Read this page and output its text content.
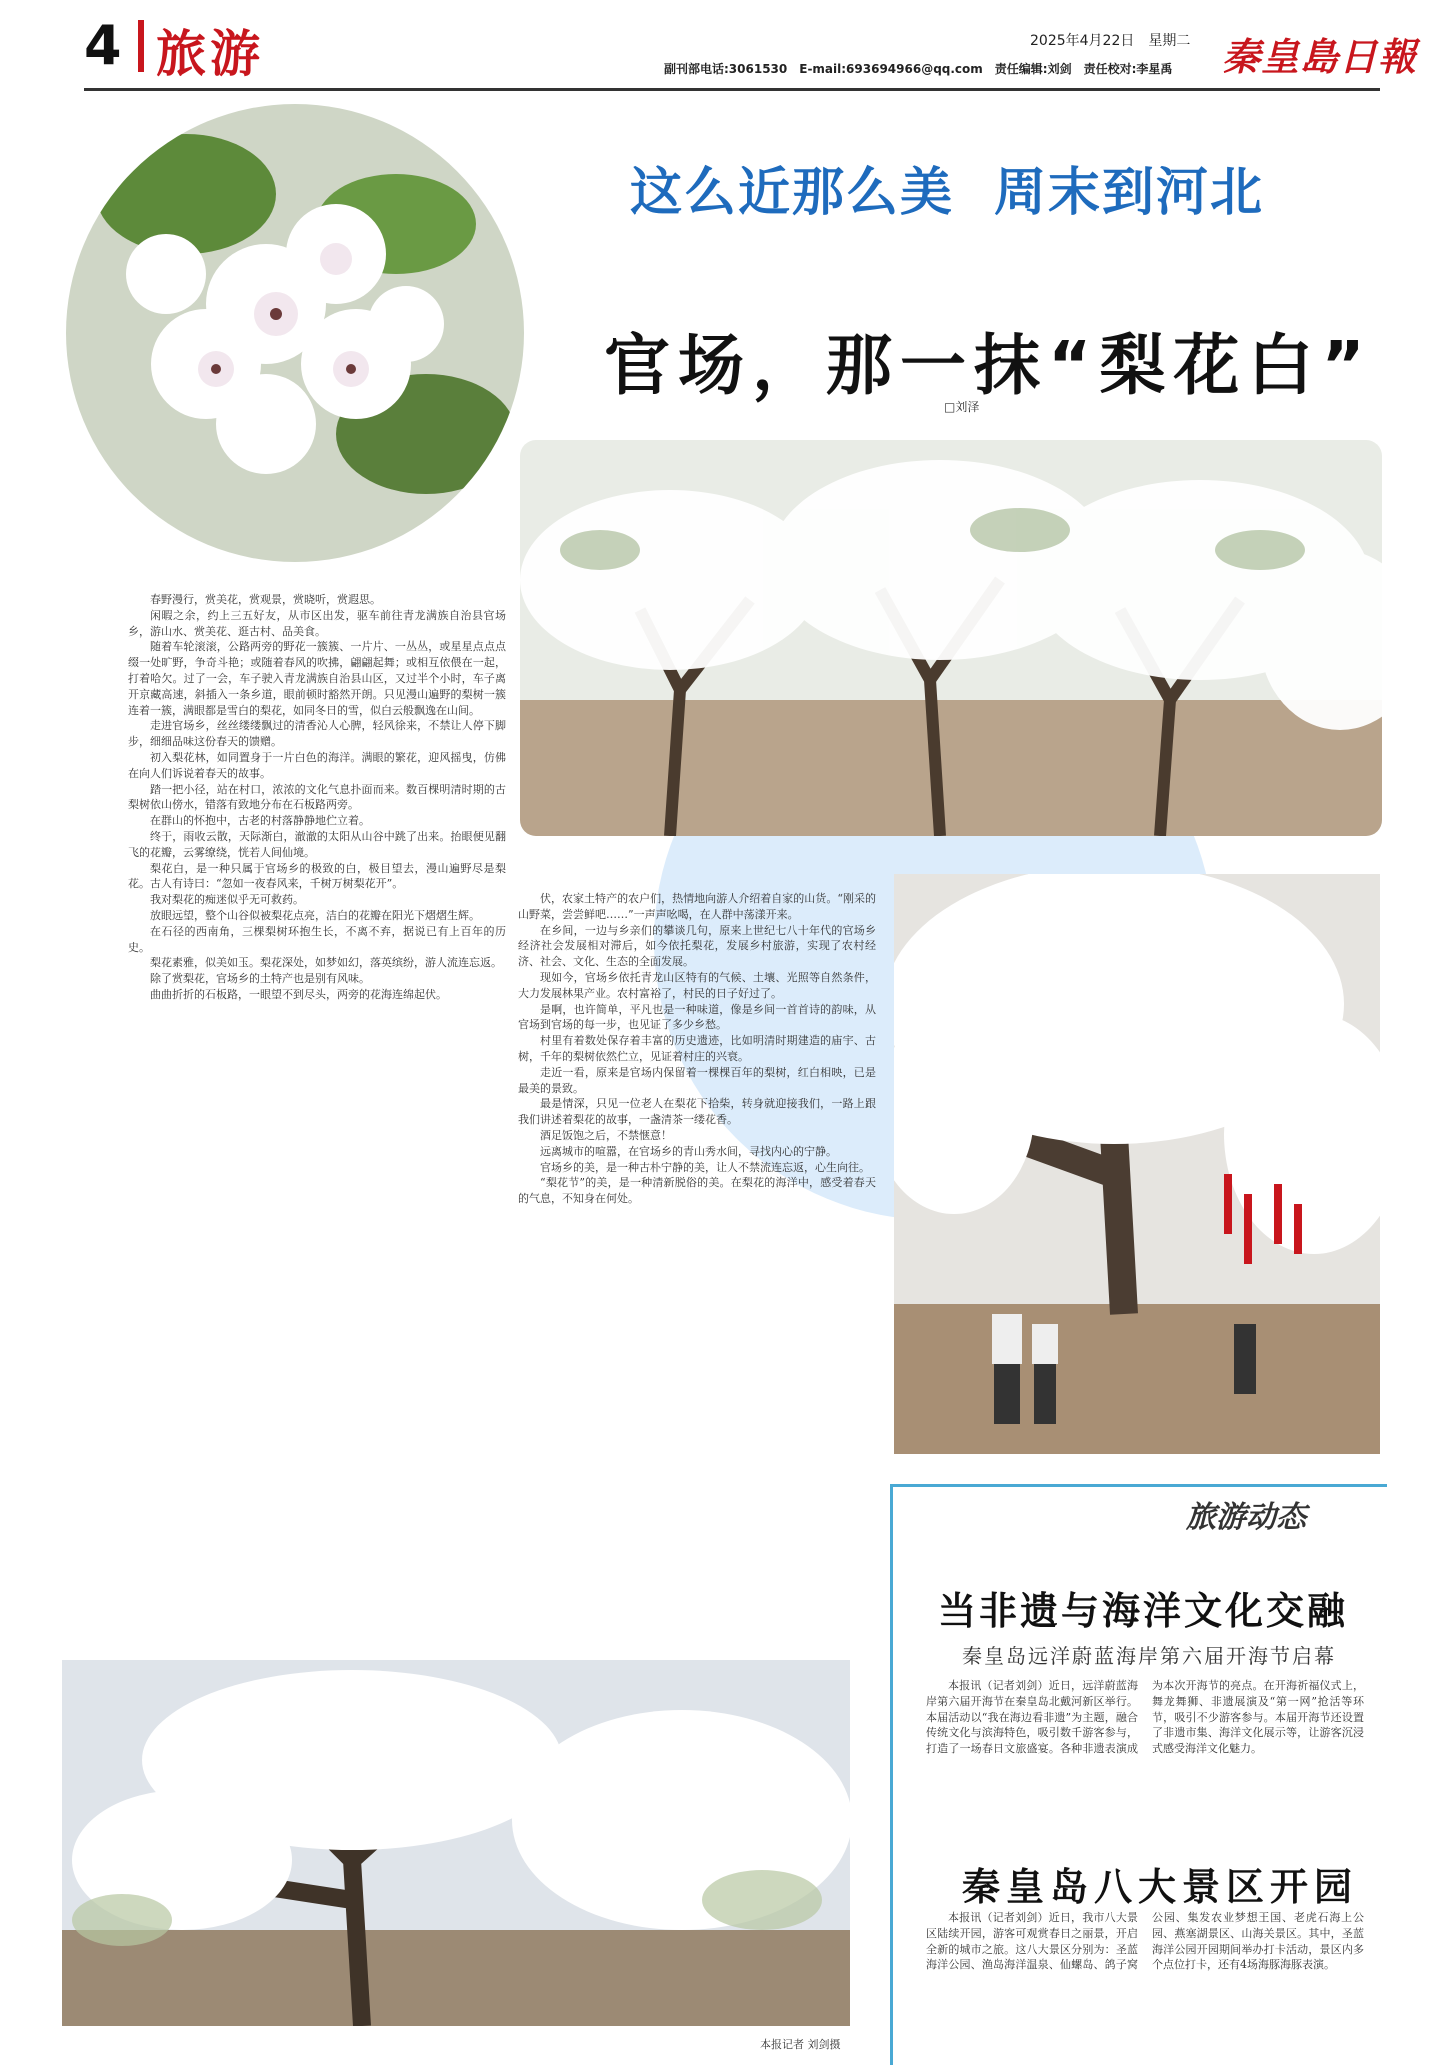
4 旅游	2025年4月22日　星期二 秦皇島日報
副刊部电话:3061530　E-mail:693694966@qq.com　责任编辑:刘剑　责任校对:李星禹
这么近那么美 周末到河北
官场，那一抹“梨花白”
□刘泽

春野漫行，赏美花，赏观景，赏晓听，赏遐思。

闲暇之余，约上三五好友，从市区出发，驱车前往青龙满族自治县官场乡，游山水、赏美花、逛古村、品美食。

随着车轮滚滚，公路两旁的野花一簇簇、一片片、一丛丛，或星星点点点缀一处旷野，争奇斗艳；或随着春风的吹拂，翩翩起舞；或相互依偎在一起，打着哈欠。过了一会，车子驶入青龙满族自治县山区，又过半个小时，车子离开京藏高速，斜插入一条乡道，眼前顿时豁然开朗。只见漫山遍野的梨树一簇连着一簇，满眼都是雪白的梨花，如同冬日的雪，似白云般飘逸在山间。

走进官场乡，丝丝缕缕飘过的清香沁人心脾，轻风徐来，不禁让人停下脚步，细细品味这份春天的馈赠。

初入梨花林，如同置身于一片白色的海洋。满眼的繁花，迎风摇曳，仿佛在向人们诉说着春天的故事。

踏一把小径，站在村口，浓浓的文化气息扑面而来。数百棵明清时期的古梨树依山傍水，错落有致地分布在石板路两旁。

在群山的怀抱中，古老的村落静静地伫立着。

终于，雨收云散，天际渐白，澈澈的太阳从山谷中跳了出来。抬眼便见翻飞的花瓣，云雾缭绕，恍若人间仙境。

梨花白，是一种只属于官场乡的极致的白，极目望去，漫山遍野尽是梨花。古人有诗曰：“忽如一夜春风来，千树万树梨花开”。

我对梨花的痴迷似乎无可救药。

放眼远望，整个山谷似被梨花点亮，洁白的花瓣在阳光下熠熠生辉。

在石径的西南角，三棵梨树环抱生长，不离不弃，据说已有上百年的历史。

梨花素雅，似美如玉。梨花深处，如梦如幻，落英缤纷，游人流连忘返。

除了赏梨花，官场乡的土特产也是别有风味。

曲曲折折的石板路，一眼望不到尽头，两旁的花海连绵起伏。

伏，农家土特产的农户们，热情地向游人介绍着自家的山货。“刚采的山野菜，尝尝鲜吧……”一声声吆喝，在人群中荡漾开来。

在乡间，一边与乡亲们的攀谈几句，原来上世纪七八十年代的官场乡经济社会发展相对滞后，如今依托梨花，发展乡村旅游，实现了农村经济、社会、文化、生态的全面发展。

现如今，官场乡依托青龙山区特有的气候、土壤、光照等自然条件，大力发展林果产业。农村富裕了，村民的日子好过了。

是啊，也许简单，平凡也是一种味道，像是乡间一首首诗的韵味，从官场到官场的每一步，也见证了多少乡愁。

村里有着数处保存着丰富的历史遗迹，比如明清时期建造的庙宇、古树，千年的梨树依然伫立，见证着村庄的兴衰。

走近一看，原来是官场内保留着一棵棵百年的梨树，红白相映，已是最美的景致。

最是情深，只见一位老人在梨花下拾柴，转身就迎接我们，一路上跟我们讲述着梨花的故事，一盏清茶一缕花香。

酒足饭饱之后，不禁惬意！

远离城市的喧嚣，在官场乡的青山秀水间，寻找内心的宁静。

官场乡的美，是一种古朴宁静的美，让人不禁流连忘返，心生向往。

“梨花节”的美，是一种清新脱俗的美。在梨花的海洋中，感受着春天的气息，不知身在何处。

旅游动态
当非遗与海洋文化交融
秦皇岛远洋蔚蓝海岸第六届开海节启幕

本报讯（记者刘剑）近日，远洋蔚蓝海岸第六届开海节在秦皇岛北戴河新区举行。本届活动以“我在海边看非遗”为主题，融合传统文化与滨海特色，吸引数千游客参与，打造了一场春日文旅盛宴。各种非遗表演成为本次开海节的亮点。在开海祈福仪式上，舞龙舞狮、非遗展演及“第一网”抢活等环节，吸引不少游客参与。本届开海节还设置了非遗市集、海洋文化展示等，让游客沉浸式感受海洋文化魅力。

秦皇岛八大景区开园

本报讯（记者刘剑）近日，我市八大景区陆续开园，游客可观赏春日之丽景，开启全新的城市之旅。这八大景区分别为：圣蓝海洋公园、渔岛海洋温泉、仙螺岛、鸽子窝公园、集发农业梦想王国、老虎石海上公园、燕塞湖景区、山海关景区。其中，圣蓝海洋公园开园期间举办打卡活动，景区内多个点位打卡，还有4场海豚海豚表演。

本报记者 刘剑摄
